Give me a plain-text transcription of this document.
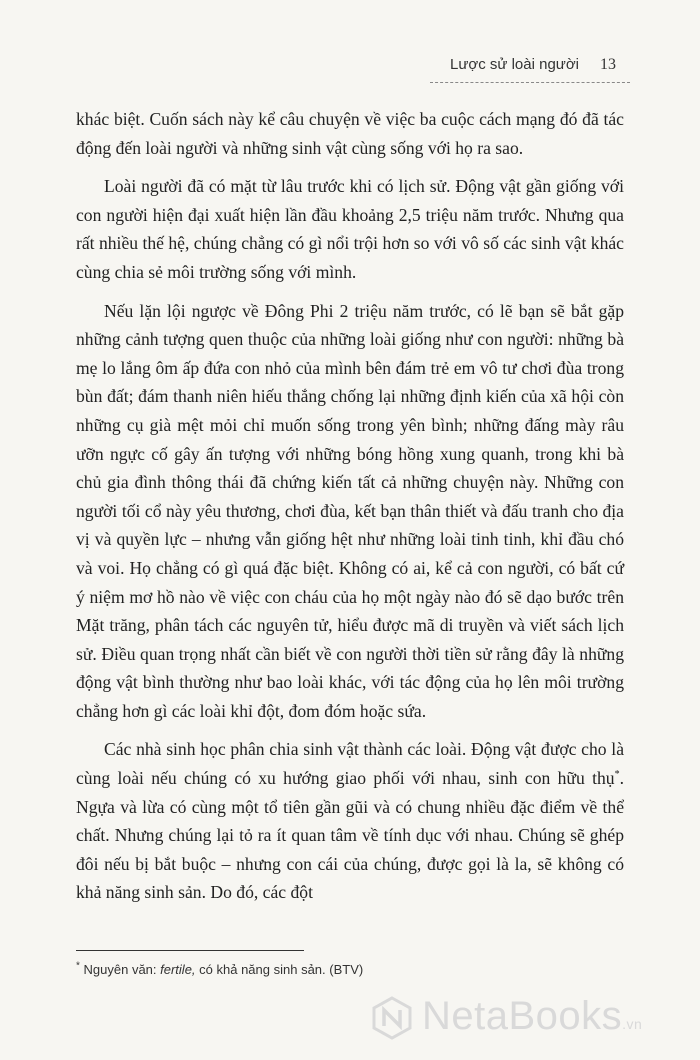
Lược sử loài người 13

khác biệt. Cuốn sách này kể câu chuyện về việc ba cuộc cách mạng đó đã tác động đến loài người và những sinh vật cùng sống với họ ra sao.

Loài người đã có mặt từ lâu trước khi có lịch sử. Động vật gần giống với con người hiện đại xuất hiện lần đầu khoảng 2,5 triệu năm trước. Nhưng qua rất nhiều thế hệ, chúng chẳng có gì nổi trội hơn so với vô số các sinh vật khác cùng chia sẻ môi trường sống với mình.

Nếu lặn lội ngược về Đông Phi 2 triệu năm trước, có lẽ bạn sẽ bắt gặp những cảnh tượng quen thuộc của những loài giống như con người: những bà mẹ lo lắng ôm ấp đứa con nhỏ của mình bên đám trẻ em vô tư chơi đùa trong bùn đất; đám thanh niên hiếu thắng chống lại những định kiến của xã hội còn những cụ già mệt mỏi chỉ muốn sống trong yên bình; những đấng mày râu ưỡn ngực cố gây ấn tượng với những bóng hồng xung quanh, trong khi bà chủ gia đình thông thái đã chứng kiến tất cả những chuyện này. Những con người tối cổ này yêu thương, chơi đùa, kết bạn thân thiết và đấu tranh cho địa vị và quyền lực – nhưng vẫn giống hệt như những loài tinh tinh, khỉ đầu chó và voi. Họ chẳng có gì quá đặc biệt. Không có ai, kể cả con người, có bất cứ ý niệm mơ hồ nào về việc con cháu của họ một ngày nào đó sẽ dạo bước trên Mặt trăng, phân tách các nguyên tử, hiểu được mã di truyền và viết sách lịch sử. Điều quan trọng nhất cần biết về con người thời tiền sử rằng đây là những động vật bình thường như bao loài khác, với tác động của họ lên môi trường chẳng hơn gì các loài khỉ đột, đom đóm hoặc sứa.

Các nhà sinh học phân chia sinh vật thành các loài. Động vật được cho là cùng loài nếu chúng có xu hướng giao phối với nhau, sinh con hữu thụ*. Ngựa và lừa có cùng một tổ tiên gần gũi và có chung nhiều đặc điểm về thể chất. Nhưng chúng lại tỏ ra ít quan tâm về tính dục với nhau. Chúng sẽ ghép đôi nếu bị bắt buộc – nhưng con cái của chúng, được gọi là la, sẽ không có khả năng sinh sản. Do đó, các đột

* Nguyên văn: fertile, có khả năng sinh sản. (BTV)
NetaBooks.vn
